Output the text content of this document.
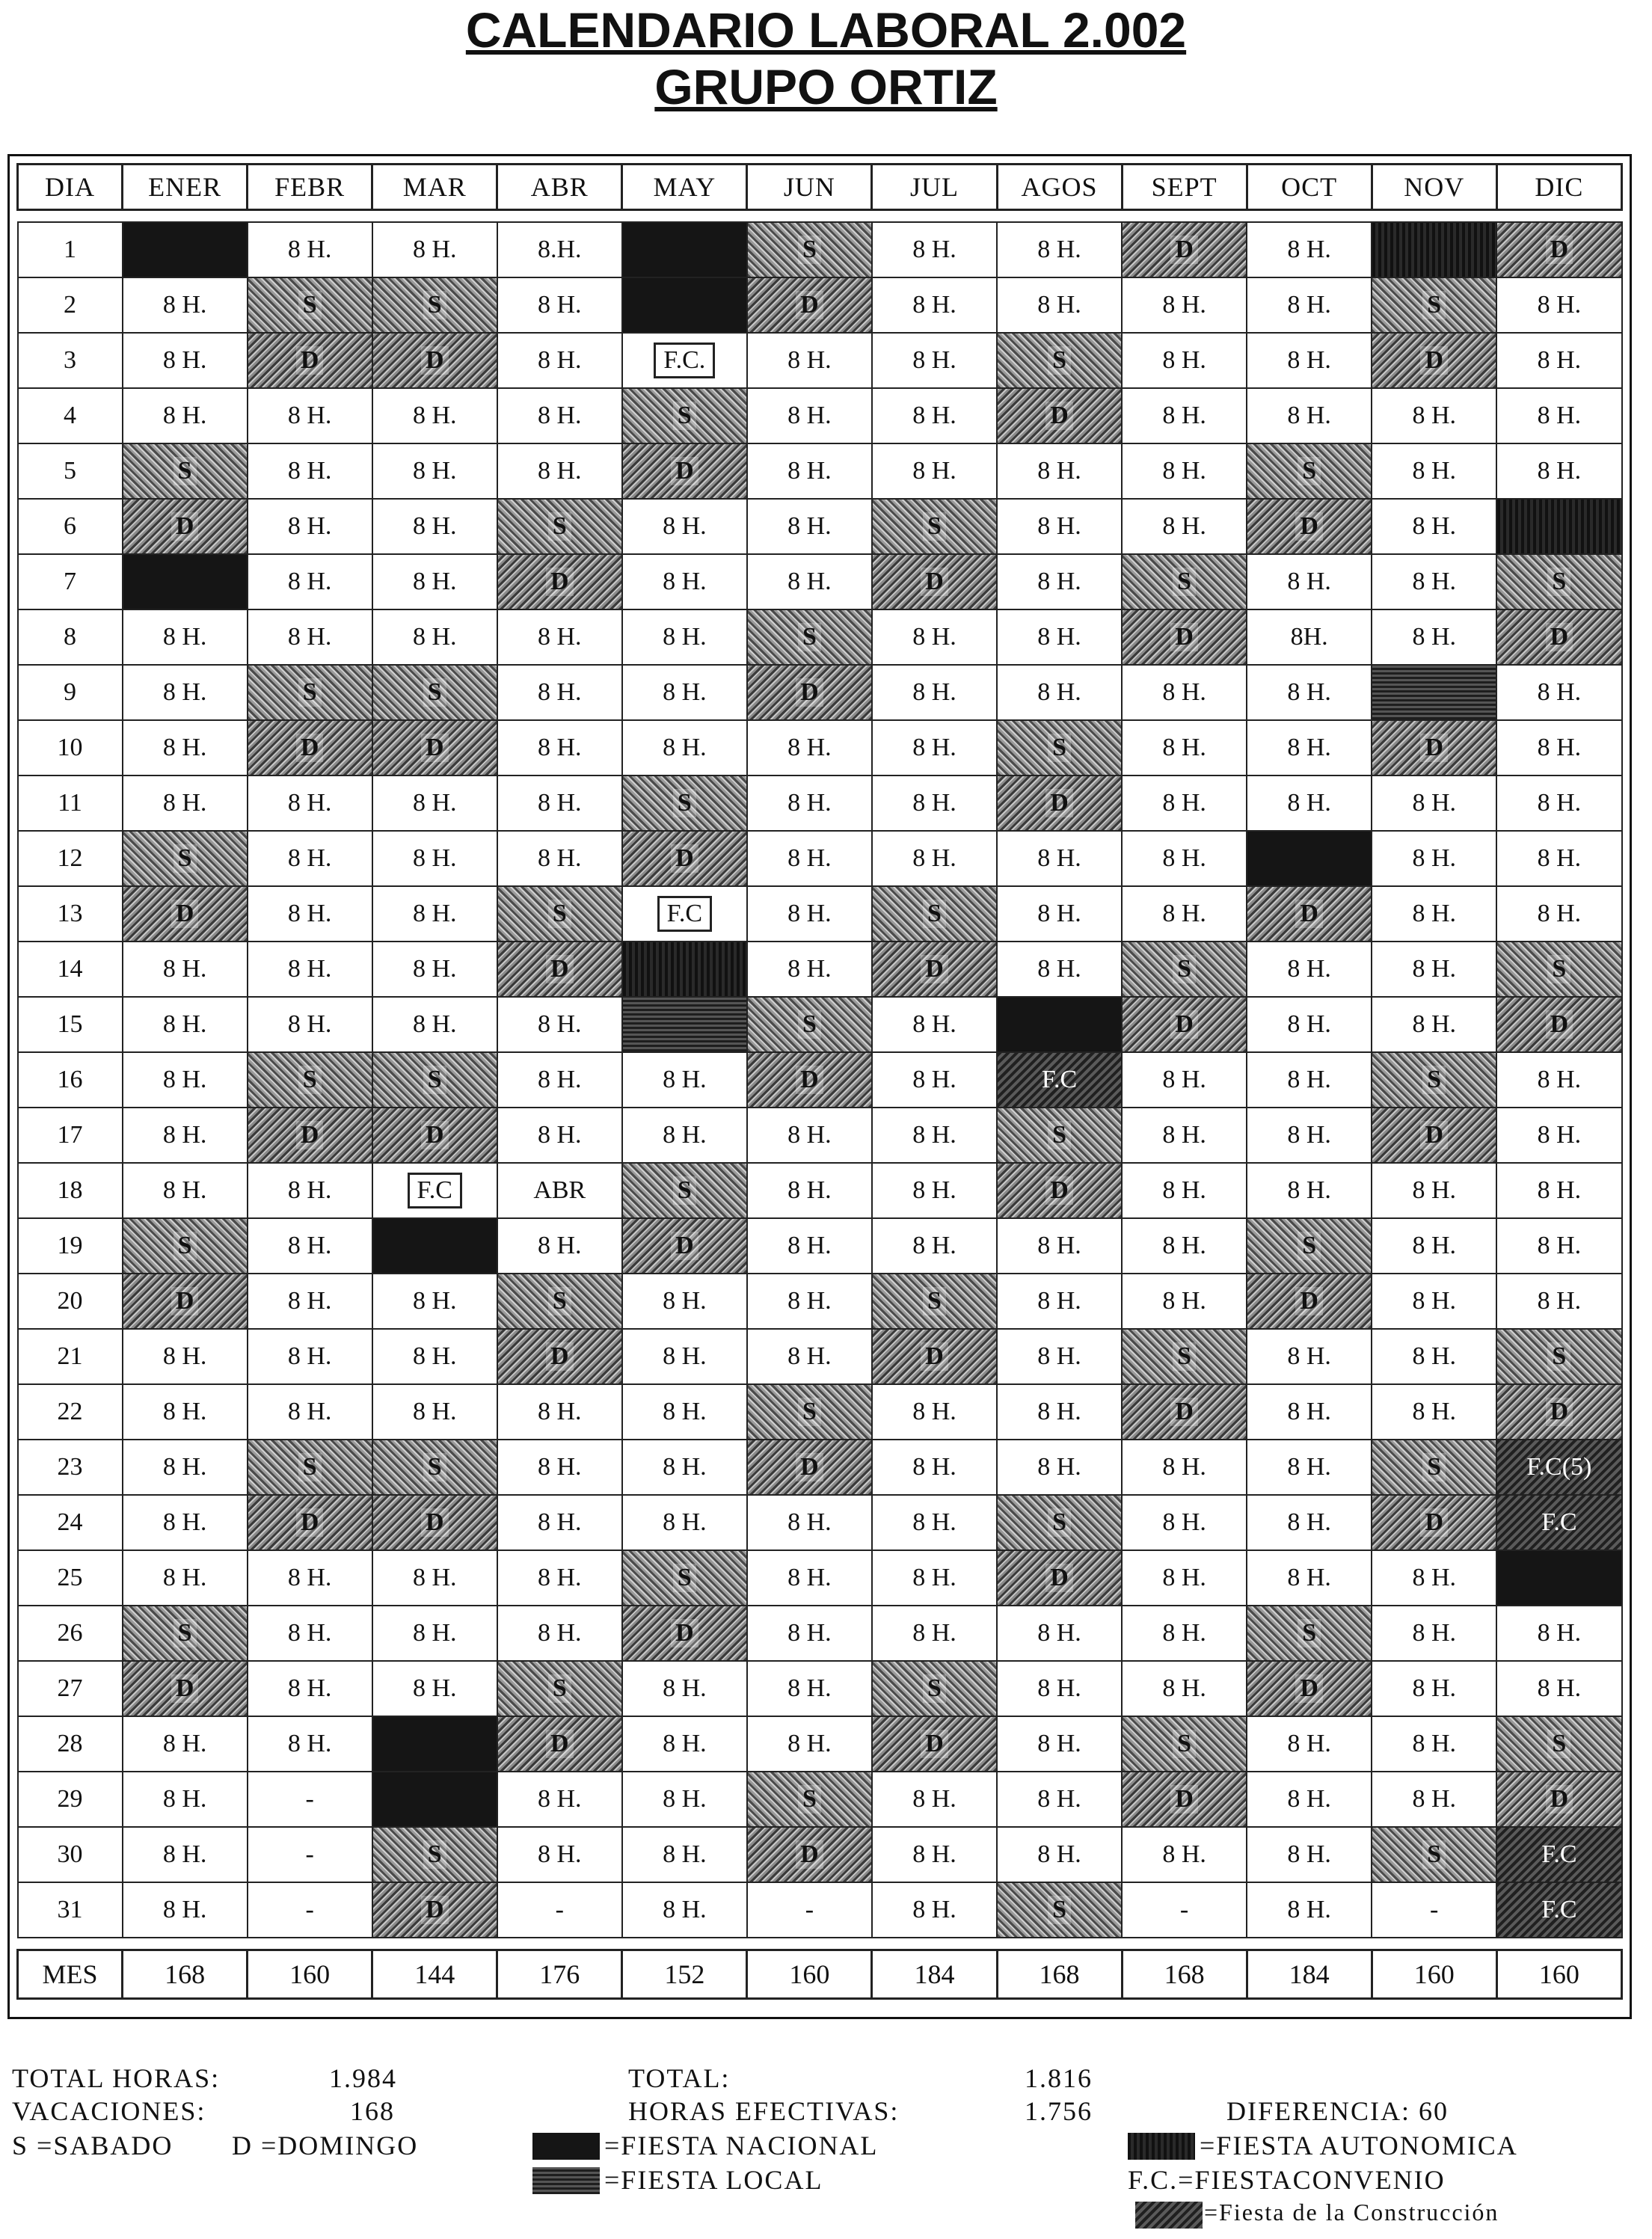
CALENDARIO LABORAL 2.002
GRUPO ORTIZ
DIA	ENER	FEBR	MAR	ABR	MAY	JUN	JUL	AGOS	SEPT	OCT	NOV	DIC

1		8 H.	8 H.	8.H.		S	8 H.	8 H.	D	8 H.		D
2	8 H.	S	S	8 H.		D	8 H.	8 H.	8 H.	8 H.	S	8 H.
3	8 H.	D	D	8 H.	F.C.	8 H.	8 H.	S	8 H.	8 H.	D	8 H.
4	8 H.	8 H.	8 H.	8 H.	S	8 H.	8 H.	D	8 H.	8 H.	8 H.	8 H.
5	S	8 H.	8 H.	8 H.	D	8 H.	8 H.	8 H.	8 H.	S	8 H.	8 H.
6	D	8 H.	8 H.	S	8 H.	8 H.	S	8 H.	8 H.	D	8 H.	
7		8 H.	8 H.	D	8 H.	8 H.	D	8 H.	S	8 H.	8 H.	S
8	8 H.	8 H.	8 H.	8 H.	8 H.	S	8 H.	8 H.	D	8H.	8 H.	D
9	8 H.	S	S	8 H.	8 H.	D	8 H.	8 H.	8 H.	8 H.		8 H.
10	8 H.	D	D	8 H.	8 H.	8 H.	8 H.	S	8 H.	8 H.	D	8 H.
11	8 H.	8 H.	8 H.	8 H.	S	8 H.	8 H.	D	8 H.	8 H.	8 H.	8 H.
12	S	8 H.	8 H.	8 H.	D	8 H.	8 H.	8 H.	8 H.		8 H.	8 H.
13	D	8 H.	8 H.	S	F.C	8 H.	S	8 H.	8 H.	D	8 H.	8 H.
14	8 H.	8 H.	8 H.	D		8 H.	D	8 H.	S	8 H.	8 H.	S
15	8 H.	8 H.	8 H.	8 H.		S	8 H.		D	8 H.	8 H.	D
16	8 H.	S	S	8 H.	8 H.	D	8 H.	F.C	8 H.	8 H.	S	8 H.
17	8 H.	D	D	8 H.	8 H.	8 H.	8 H.	S	8 H.	8 H.	D	8 H.
18	8 H.	8 H.	F.C	ABR	S	8 H.	8 H.	D	8 H.	8 H.	8 H.	8 H.
19	S	8 H.		8 H.	D	8 H.	8 H.	8 H.	8 H.	S	8 H.	8 H.
20	D	8 H.	8 H.	S	8 H.	8 H.	S	8 H.	8 H.	D	8 H.	8 H.
21	8 H.	8 H.	8 H.	D	8 H.	8 H.	D	8 H.	S	8 H.	8 H.	S
22	8 H.	8 H.	8 H.	8 H.	8 H.	S	8 H.	8 H.	D	8 H.	8 H.	D
23	8 H.	S	S	8 H.	8 H.	D	8 H.	8 H.	8 H.	8 H.	S	F.C(5)
24	8 H.	D	D	8 H.	8 H.	8 H.	8 H.	S	8 H.	8 H.	D	F.C
25	8 H.	8 H.	8 H.	8 H.	S	8 H.	8 H.	D	8 H.	8 H.	8 H.	
26	S	8 H.	8 H.	8 H.	D	8 H.	8 H.	8 H.	8 H.	S	8 H.	8 H.
27	D	8 H.	8 H.	S	8 H.	8 H.	S	8 H.	8 H.	D	8 H.	8 H.
28	8 H.	8 H.		D	8 H.	8 H.	D	8 H.	S	8 H.	8 H.	S
29	8 H.	-		8 H.	8 H.	S	8 H.	8 H.	D	8 H.	8 H.	D
30	8 H.	-	S	8 H.	8 H.	D	8 H.	8 H.	8 H.	8 H.	S	F.C
31	8 H.	-	D	-	8 H.	-	8 H.	S	-	8 H.	-	F.C

MES	168	160	144	176	152	160	184	168	168	184	160	160
TOTAL HORAS:	1.984	TOTAL:	1.816
VACACIONES:	168	HORAS EFECTIVAS:	1.756	DIFERENCIA: 60
S =SABADO D =DOMINGO	=FIESTA NACIONAL	=FIESTA AUTONOMICA
=FIESTA LOCAL	F.C.=FIESTACONVENIO
=Fiesta de la Construcción
